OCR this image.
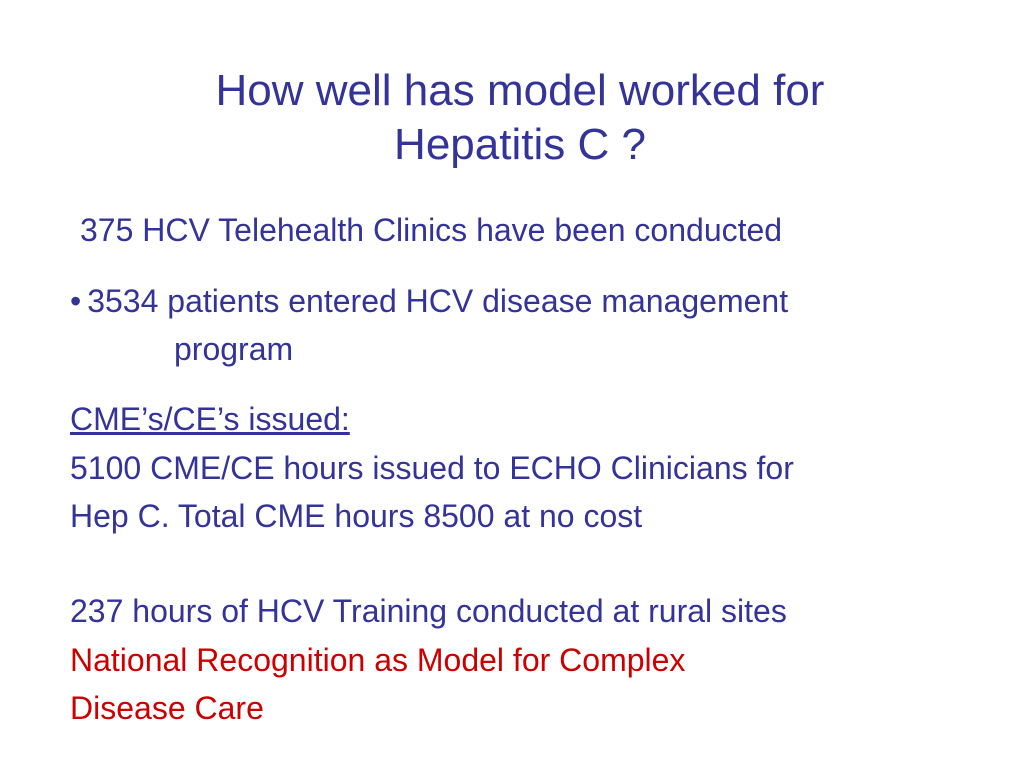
How well has model worked for
Hepatitis C ?

375 HCV Telehealth Clinics have been conducted

• 3534 patients entered HCV disease management

program

CME’s/CE’s issued:

5100 CME/CE hours issued to ECHO Clinicians for

Hep C. Total CME hours 8500 at no cost

237 hours of HCV Training conducted at rural sites

National Recognition as Model for Complex

Disease Care
